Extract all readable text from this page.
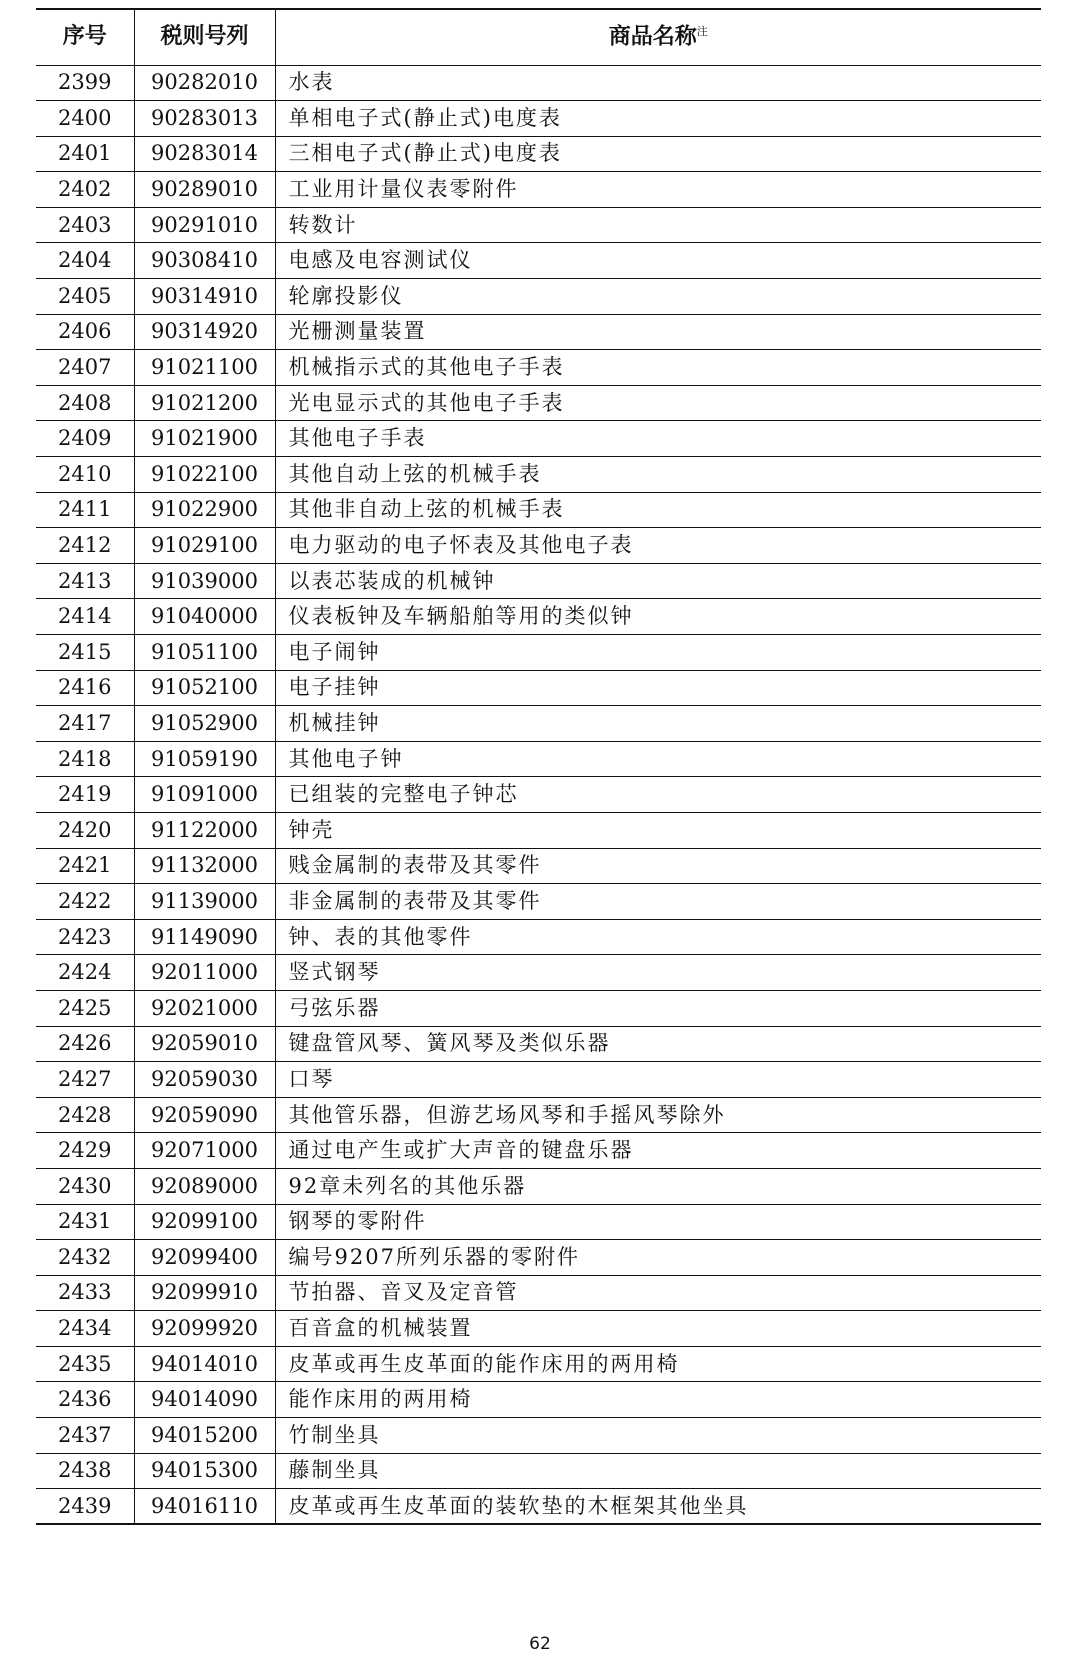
序号	税则号列	商品名称$^注$
2399	90282010	水表
2400	90283013	单相电子式(静止式)电度表
2401	90283014	三相电子式(静止式)电度表
2402	90289010	工业用计量仪表零附件
2403	90291010	转数计
2404	90308410	电感及电容测试仪
2405	90314910	轮廓投影仪
2406	90314920	光栅测量装置
2407	91021100	机械指示式的其他电子手表
2408	91021200	光电显示式的其他电子手表
2409	91021900	其他电子手表
2410	91022100	其他自动上弦的机械手表
2411	91022900	其他非自动上弦的机械手表
2412	91029100	电力驱动的电子怀表及其他电子表
2413	91039000	以表芯装成的机械钟
2414	91040000	仪表板钟及车辆船舶等用的类似钟
2415	91051100	电子闹钟
2416	91052100	电子挂钟
2417	91052900	机械挂钟
2418	91059190	其他电子钟
2419	91091000	已组装的完整电子钟芯
2420	91122000	钟壳
2421	91132000	贱金属制的表带及其零件
2422	91139000	非金属制的表带及其零件
2423	91149090	钟、表的其他零件
2424	92011000	竖式钢琴
2425	92021000	弓弦乐器
2426	92059010	键盘管风琴、簧风琴及类似乐器
2427	92059030	口琴
2428	92059090	其他管乐器，但游艺场风琴和手摇风琴除外
2429	92071000	通过电产生或扩大声音的键盘乐器
2430	92089000	92章未列名的其他乐器
2431	92099100	钢琴的零附件
2432	92099400	编号9207所列乐器的零附件
2433	92099910	节拍器、音叉及定音管
2434	92099920	百音盒的机械装置
2435	94014010	皮革或再生皮革面的能作床用的两用椅
2436	94014090	能作床用的两用椅
2437	94015200	竹制坐具
2438	94015300	藤制坐具
2439	94016110	皮革或再生皮革面的装软垫的木框架其他坐具
62
